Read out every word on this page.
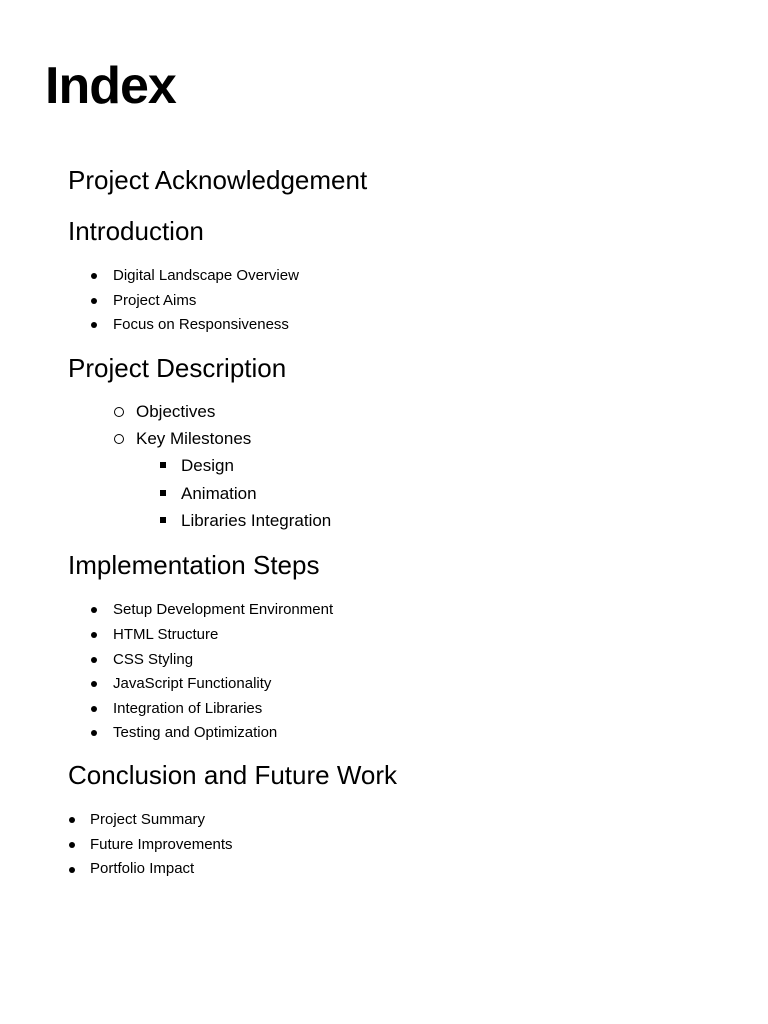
Index
Project Acknowledgement
Introduction

Digital Landscape Overview

Project Aims

Focus on Responsiveness

Project Description

Objectives

Key Milestones

Design

Animation

Libraries Integration

Implementation Steps

Setup Development Environment

HTML Structure

CSS Styling

JavaScript Functionality

Integration of Libraries

Testing and Optimization

Conclusion and Future Work

Project Summary

Future Improvements

Portfolio Impact
